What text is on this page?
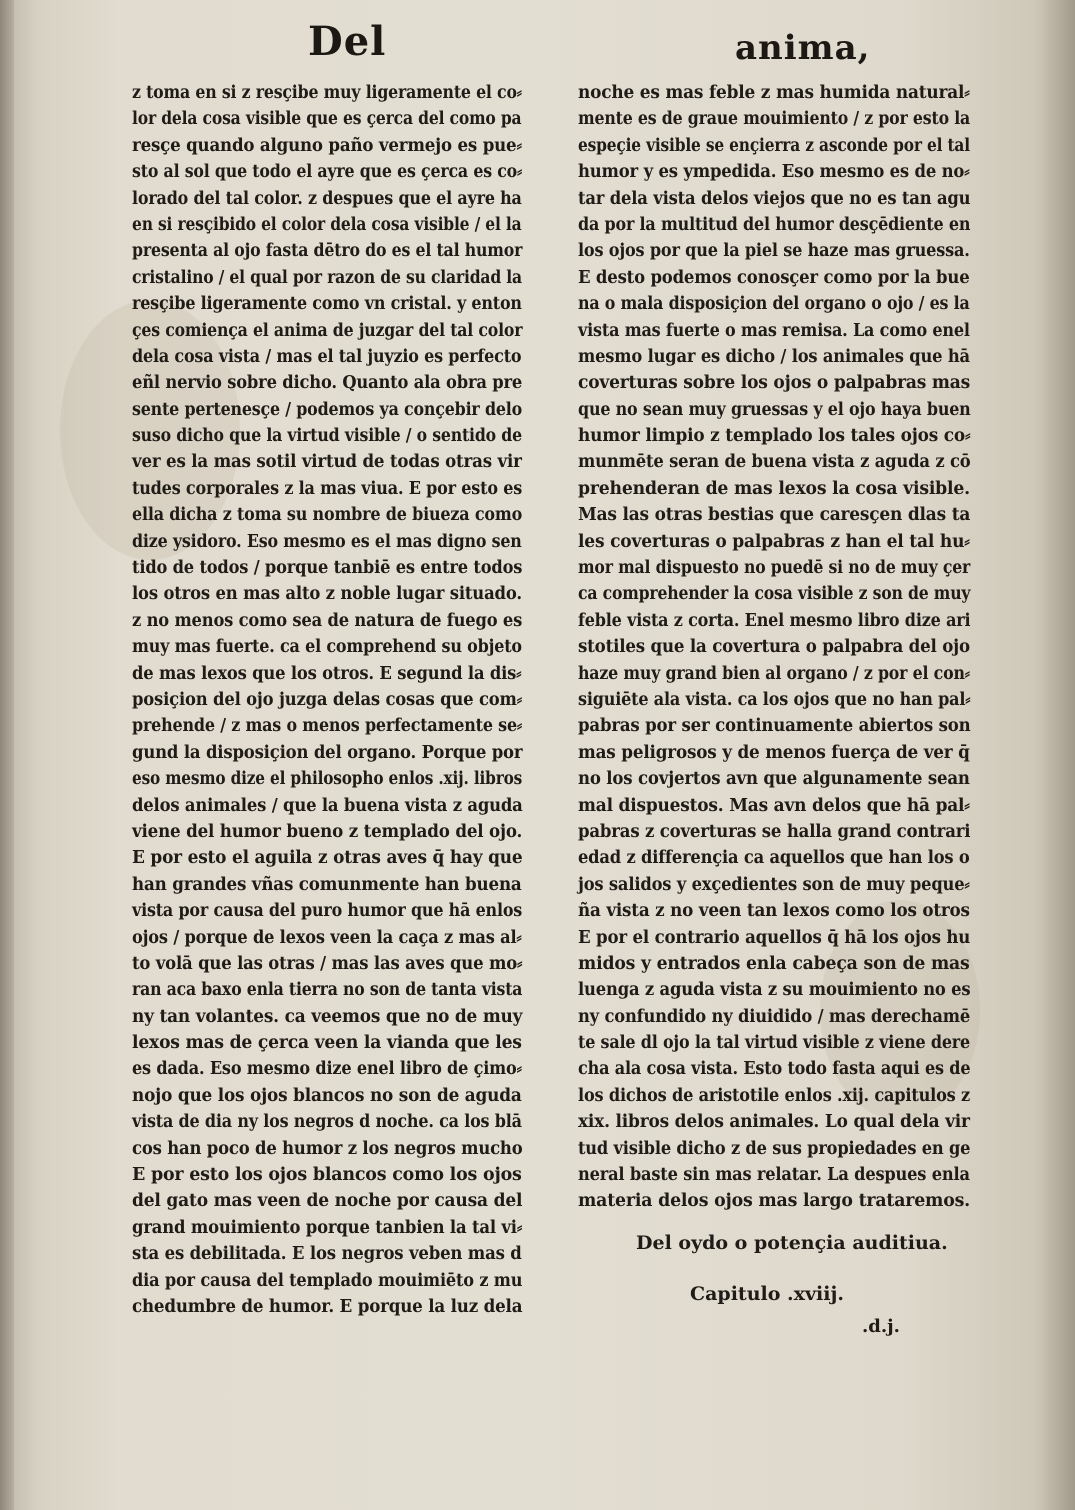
Del	anima,
z toma en si z resçibe muy ligeramente el co⸗
lor dela cosa visible que es çerca del como pa
resçe quando alguno paño vermejo es pue⸗
sto al sol que todo el ayre que es çerca es co⸗
lorado del tal color. z despues que el ayre ha
en si resçibido el color dela cosa visible / el la
presenta al ojo fasta dētro do es el tal humor
cristalino / el qual por razon de su claridad la
resçibe ligeramente como vn cristal. y enton
çes comiença el anima de juzgar del tal color
dela cosa vista / mas el tal juyzio es perfecto
eñl nervio sobre dicho. Quanto ala obra pre
sente pertenesçe / podemos ya conçebir delo
suso dicho que la virtud visible / o sentido de
ver es la mas sotil virtud de todas otras vir
tudes corporales z la mas viua. E por esto es
ella dicha z toma su nombre de biueza como
dize ysidoro. Eso mesmo es el mas digno sen
tido de todos / porque tanbiē es entre todos
los otros en mas alto z noble lugar situado.
z no menos como sea de natura de fuego es
muy mas fuerte. ca el comprehend su objeto
de mas lexos que los otros. E segund la dis⸗
posiçion del ojo juzga delas cosas que com⸗
prehende / z mas o menos perfectamente se⸗
gund la disposiçion del organo. Porque por
eso mesmo dize el philosopho enlos .xij. libros
delos animales / que la buena vista z aguda
viene del humor bueno z templado del ojo.
E por esto el aguila z otras aves q̄ hay que
han grandes vñas comunmente han buena
vista por causa del puro humor que hā enlos
ojos / porque de lexos veen la caça z mas al⸗
to volā que las otras / mas las aves que mo⸗
ran aca baxo enla tierra no son de tanta vista
ny tan volantes. ca veemos que no de muy
lexos mas de çerca veen la vianda que les
es dada. Eso mesmo dize enel libro de çimo⸗
nojo que los ojos blancos no son de aguda
vista de dia ny los negros d noche. ca los blā
cos han poco de humor z los negros mucho
E por esto los ojos blancos como los ojos
del gato mas veen de noche por causa del
grand mouimiento porque tanbien la tal vi⸗
sta es debilitada. E los negros veben mas d
dia por causa del templado mouimiēto z mu
chedumbre de humor. E porque la luz dela
noche es mas feble z mas humida natural⸗
mente es de graue mouimiento / z por esto la
espeçie visible se ençierra z asconde por el tal
humor y es ympedida. Eso mesmo es de no⸗
tar dela vista delos viejos que no es tan agu
da por la multitud del humor desçēdiente en
los ojos por que la piel se haze mas gruessa.
E desto podemos conosçer como por la bue
na o mala disposiçion del organo o ojo / es la
vista mas fuerte o mas remisa. La como enel
mesmo lugar es dicho / los animales que hā
coverturas sobre los ojos o palpabras mas
que no sean muy gruessas y el ojo haya buen
humor limpio z templado los tales ojos co⸗
munmēte seran de buena vista z aguda z cō
prehenderan de mas lexos la cosa visible.
Mas las otras bestias que caresçen dlas ta
les coverturas o palpabras z han el tal hu⸗
mor mal dispuesto no puedē si no de muy çer
ca comprehender la cosa visible z son de muy
feble vista z corta. Enel mesmo libro dize ari
stotiles que la covertura o palpabra del ojo
haze muy grand bien al organo / z por el con⸗
siguiēte ala vista. ca los ojos que no han pal⸗
pabras por ser continuamente abiertos son
mas peligrosos y de menos fuerça de ver q̄
no los covjertos avn que algunamente sean
mal dispuestos. Mas avn delos que hā pal⸗
pabras z coverturas se halla grand contrari
edad z differençia ca aquellos que han los o
jos salidos y exçedientes son de muy peque⸗
ña vista z no veen tan lexos como los otros
E por el contrario aquellos q̄ hā los ojos hu
midos y entrados enla cabeça son de mas
luenga z aguda vista z su mouimiento no es
ny confundido ny diuidido / mas derechamē
te sale dl ojo la tal virtud visible z viene dere
cha ala cosa vista. Esto todo fasta aqui es de
los dichos de aristotile enlos .xij. capitulos z
xix. libros delos animales. Lo qual dela vir
tud visible dicho z de sus propiedades en ge
neral baste sin mas relatar. La despues enla
materia delos ojos mas largo trataremos.
Del oydo o potençia auditiua.
Capitulo .xviij.
.d.j.
